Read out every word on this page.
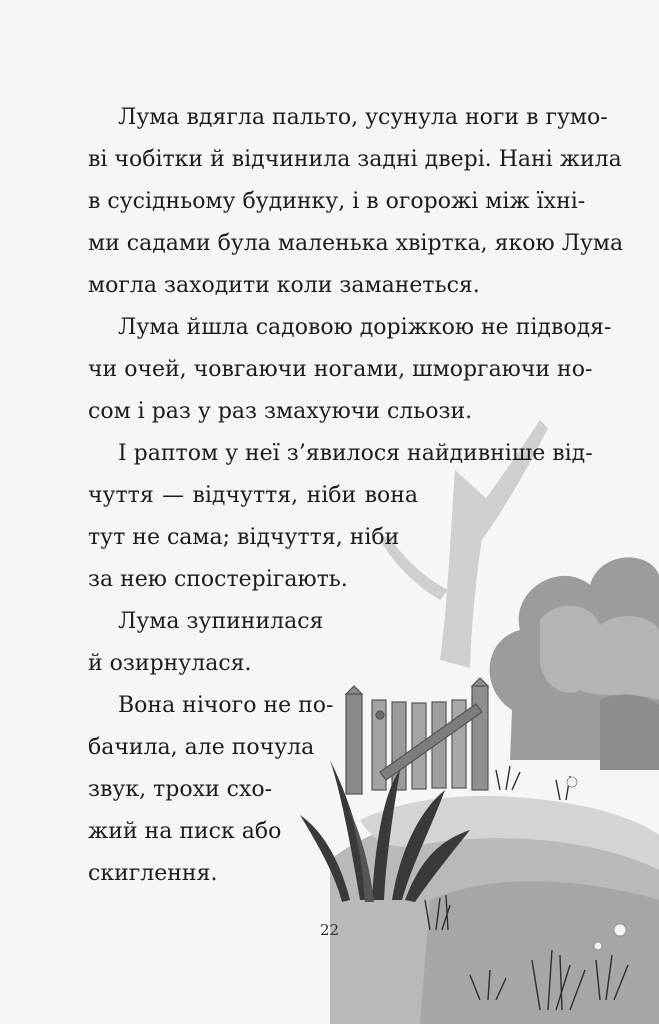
Лума вдягла пальто, усунула ноги в гумо-
ві чобітки й відчинила задні двері. Нані жила
в сусідньому будинку, і в огорожі між їхні-
ми садами була маленька хвіртка, якою Лума
могла заходити коли заманеться.
Лума йшла садовою доріжкою не підводя-
чи очей, човгаючи ногами, шморгаючи но-
сом і раз у раз змахуючи сльози.
І раптом у неї з’явилося найдивніше від-
чуття — відчуття, ніби вона
тут не сама; відчуття, ніби
за нею спостерігають.
Лума зупинилася
й озирнулася.
Вона нічого не по-
бачила, але почула
звук, трохи схо-
жий на писк або
скиглення.
22
